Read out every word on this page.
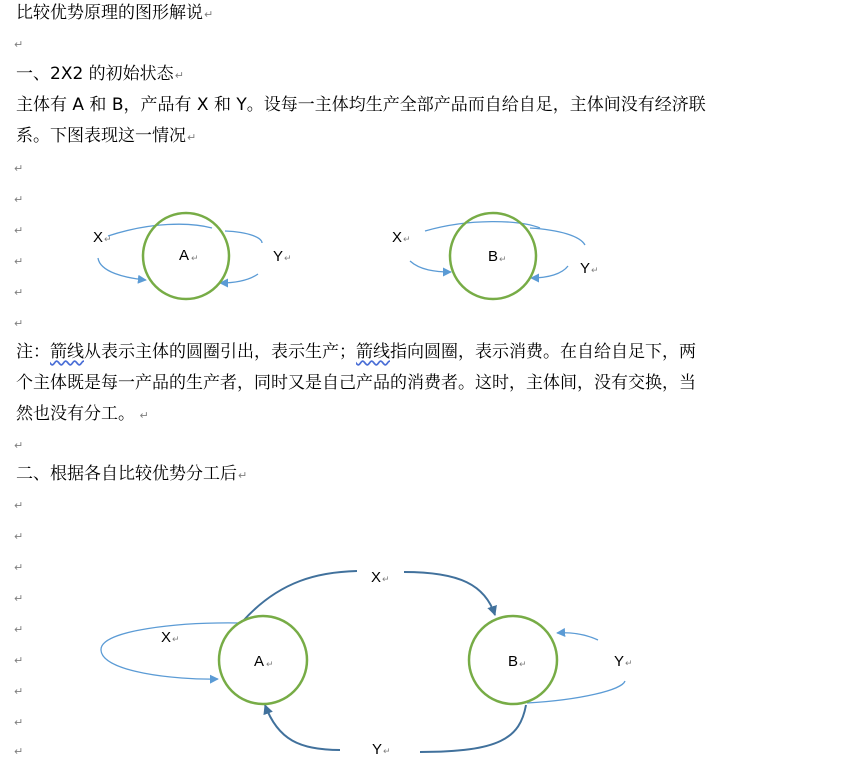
比较优势原理的图形解说↵
↵
一、2X2 的初始状态↵
主体有 A 和 B，产品有 X 和 Y。设每一主体均生产全部产品而自给自足，主体间没有经济联
系。下图表现这一情况↵
↵
↵
↵
↵
↵
↵
注：箭线从表示主体的圆圈引出，表示生产；箭线指向圆圈，表示消费。在自给自足下，两
个主体既是每一产品的生产者，同时又是自己产品的消费者。这时，主体间，没有交换，当
然也没有分工。 ↵
↵
二、根据各自比较优势分工后↵
↵
↵
↵
↵
↵
↵
↵
↵
↵
A ↵
X ↵
Y ↵	B ↵
X ↵
Y ↵
A ↵	B ↵
X ↵
X ↵
Y ↵
Y ↵
